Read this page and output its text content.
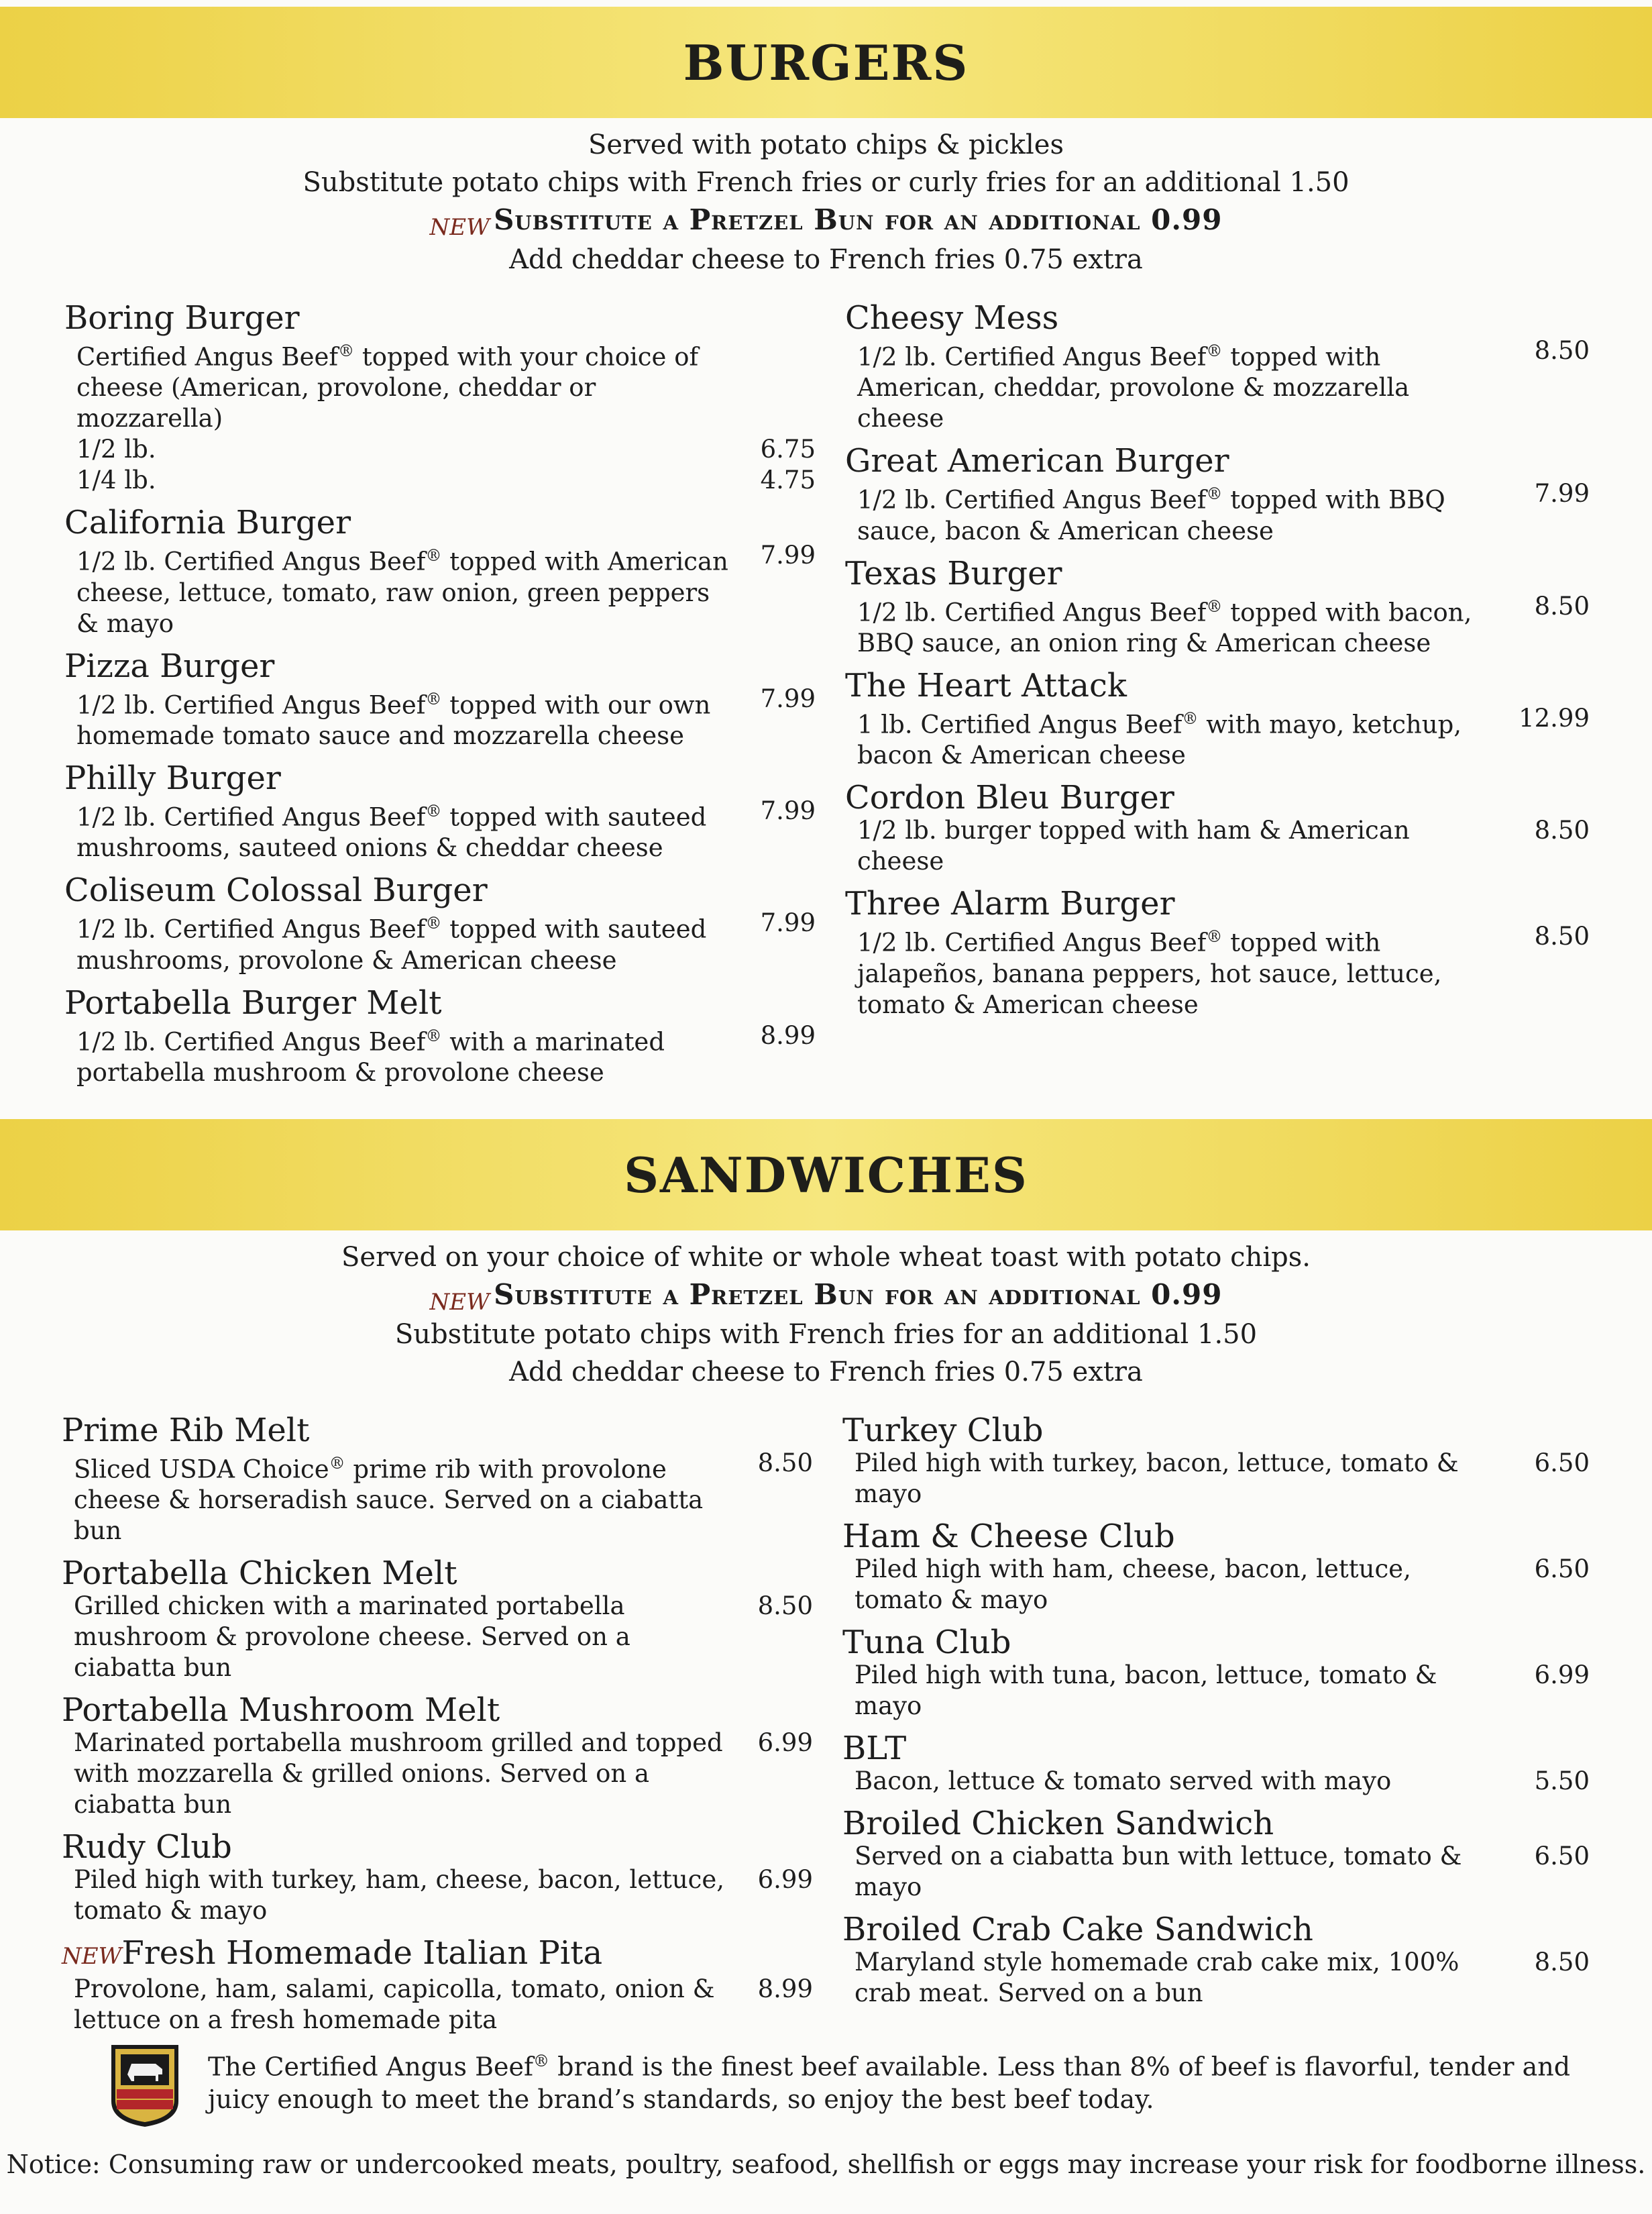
BURGERS

Served with potato chips & pickles

Substitute potato chips with French fries or curly fries for an additional 1.50

$_{NEW}$ Substitute a Pretzel Bun for an additional 0.99

Add cheddar cheese to French fries 0.75 extra

Boring Burger
Certified Angus Beef® topped with your choice of cheese (American, provolone, cheddar or mozzarella)
1/2 lb.	6.75
1/4 lb.	4.75
California Burger
1/2 lb. Certified Angus Beef® topped with American cheese, lettuce, tomato, raw onion, green peppers & mayo
7.99
Pizza Burger
1/2 lb. Certified Angus Beef® topped with our own homemade tomato sauce and mozzarella cheese
7.99
Philly Burger
1/2 lb. Certified Angus Beef® topped with sauteed mushrooms, sauteed onions & cheddar cheese
7.99
Coliseum Colossal Burger
1/2 lb. Certified Angus Beef® topped with sauteed mushrooms, provolone & American cheese
7.99
Portabella Burger Melt
1/2 lb. Certified Angus Beef® with a marinated portabella mushroom & provolone cheese
8.99
Cheesy Mess
1/2 lb. Certified Angus Beef® topped with American, cheddar, provolone & mozzarella cheese
8.50
Great American Burger
1/2 lb. Certified Angus Beef® topped with BBQ sauce, bacon & American cheese
7.99
Texas Burger
1/2 lb. Certified Angus Beef® topped with bacon, BBQ sauce, an onion ring & American cheese
8.50
The Heart Attack
1 lb. Certified Angus Beef® with mayo, ketchup, bacon & American cheese
12.99
Cordon Bleu Burger
1/2 lb. burger topped with ham & American cheese
8.50
Three Alarm Burger
1/2 lb. Certified Angus Beef® topped with jalapeños, banana peppers, hot sauce, lettuce, tomato & American cheese
8.50
SANDWICHES

Served on your choice of white or whole wheat toast with potato chips.

$_{NEW}$ Substitute a Pretzel Bun for an additional 0.99

Substitute potato chips with French fries for an additional 1.50

Add cheddar cheese to French fries 0.75 extra

Prime Rib Melt
Sliced USDA Choice® prime rib with provolone cheese & horseradish sauce. Served on a ciabatta bun
8.50
Portabella Chicken Melt
Grilled chicken with a marinated portabella mushroom & provolone cheese. Served on a ciabatta bun
8.50
Portabella Mushroom Melt
Marinated portabella mushroom grilled and topped with mozzarella & grilled onions. Served on a ciabatta bun
6.99
Rudy Club
Piled high with turkey, ham, cheese, bacon, lettuce, tomato & mayo
6.99
NEWFresh Homemade Italian Pita
Provolone, ham, salami, capicolla, tomato, onion & lettuce on a fresh homemade pita
8.99
Turkey Club
Piled high with turkey, bacon, lettuce, tomato & mayo
6.50
Ham & Cheese Club
Piled high with ham, cheese, bacon, lettuce, tomato & mayo
6.50
Tuna Club
Piled high with tuna, bacon, lettuce, tomato & mayo
6.99
BLT
Bacon, lettuce & tomato served with mayo	5.50
Broiled Chicken Sandwich
Served on a ciabatta bun with lettuce, tomato & mayo
6.50
Broiled Crab Cake Sandwich
Maryland style homemade crab cake mix, 100% crab meat. Served on a bun
8.50
The Certified Angus Beef® brand is the finest beef available. Less than 8% of beef is flavorful, tender and juicy enough to meet the brand’s standards, so enjoy the best beef today.
Notice: Consuming raw or undercooked meats, poultry, seafood, shellfish or eggs may increase your risk for foodborne illness.
